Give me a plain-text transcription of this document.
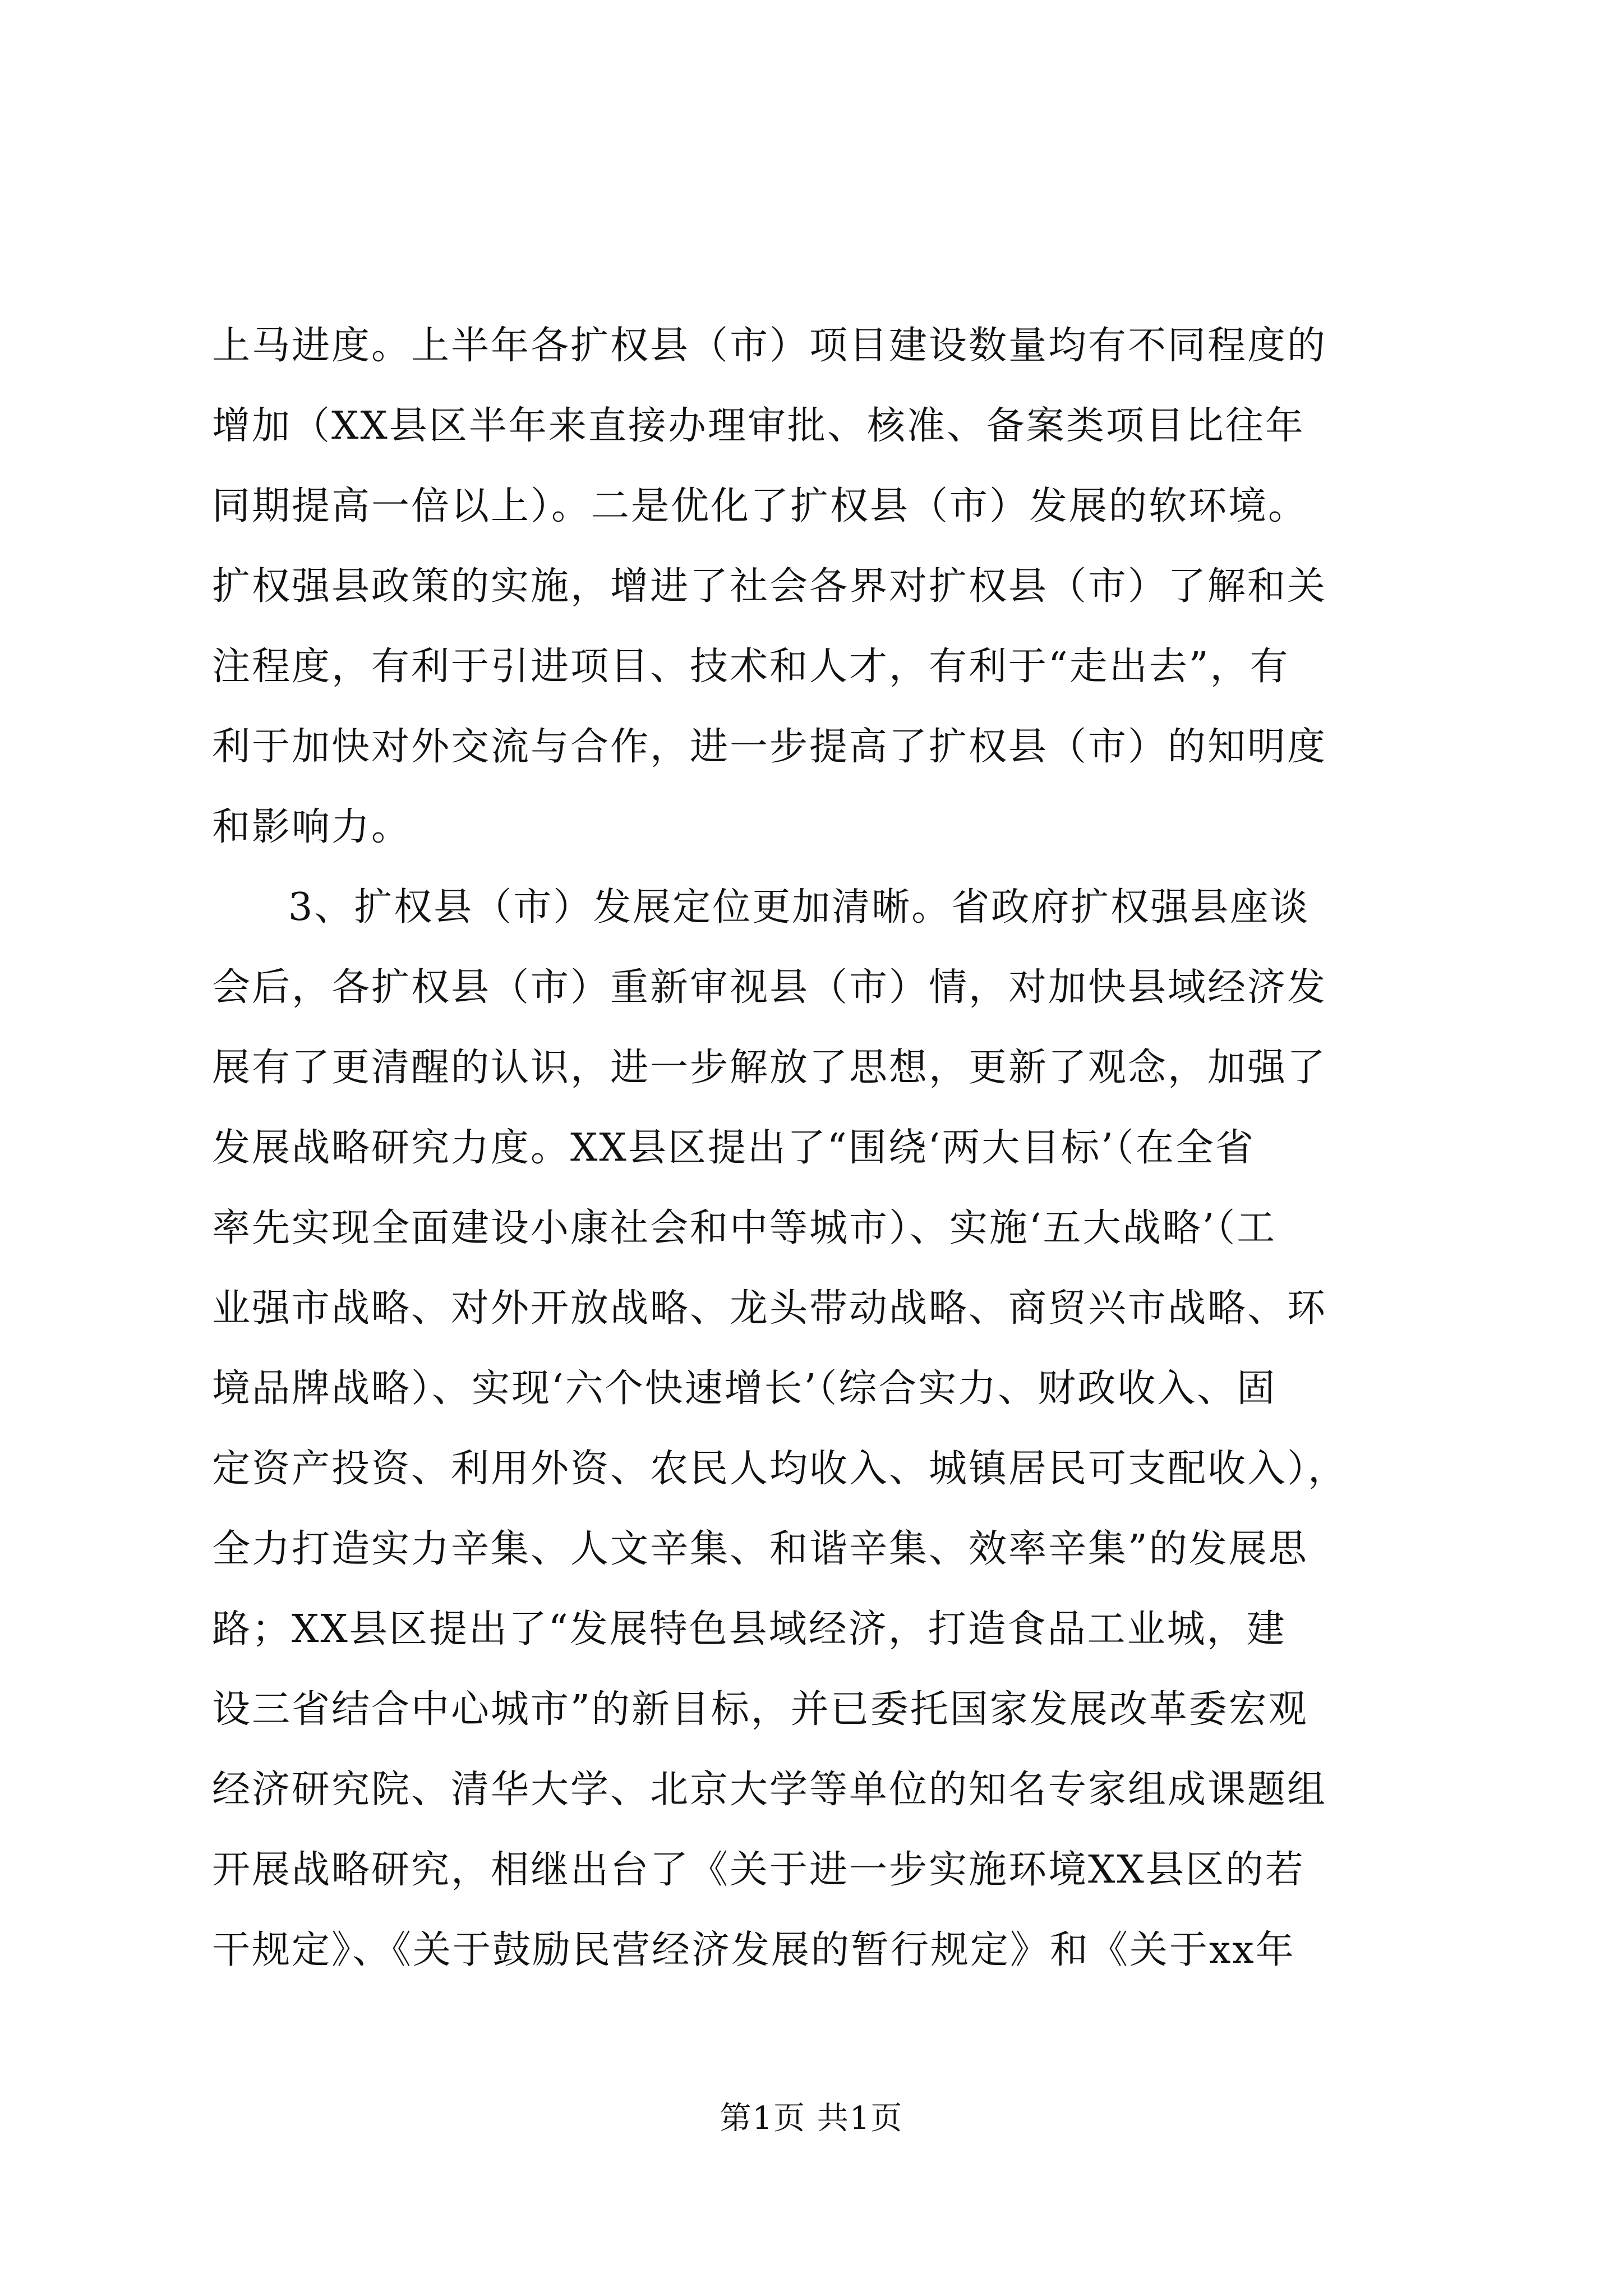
上马进度。上半年各扩权县（市）项目建设数量均有不同程度的
增加（XX县区半年来直接办理审批、核准、备案类项目比往年
同期提高一倍以上）。二是优化了扩权县（市）发展的软环境。
扩权强县政策的实施，增进了社会各界对扩权县（市）了解和关
注程度，有利于引进项目、技术和人才，有利于“走出去”，有
利于加快对外交流与合作，进一步提高了扩权县（市）的知明度
和影响力。
3、扩权县（市）发展定位更加清晰。省政府扩权强县座谈
会后，各扩权县（市）重新审视县（市）情，对加快县域经济发
展有了更清醒的认识，进一步解放了思想，更新了观念，加强了
发展战略研究力度。XX县区提出了“围绕‘两大目标’（在全省
率先实现全面建设小康社会和中等城市）、实施‘五大战略’（工
业强市战略、对外开放战略、龙头带动战略、商贸兴市战略、环
境品牌战略）、实现‘六个快速增长’（综合实力、财政收入、固
定资产投资、利用外资、农民人均收入、城镇居民可支配收入），
全力打造实力辛集、人文辛集、和谐辛集、效率辛集”的发展思
路；XX县区提出了“发展特色县域经济，打造食品工业城，建
设三省结合中心城市”的新目标，并已委托国家发展改革委宏观
经济研究院、清华大学、北京大学等单位的知名专家组成课题组
开展战略研究，相继出台了《关于进一步实施环境XX县区的若
干规定》、《关于鼓励民营经济发展的暂行规定》和《关于xx年
第1页 共1页
